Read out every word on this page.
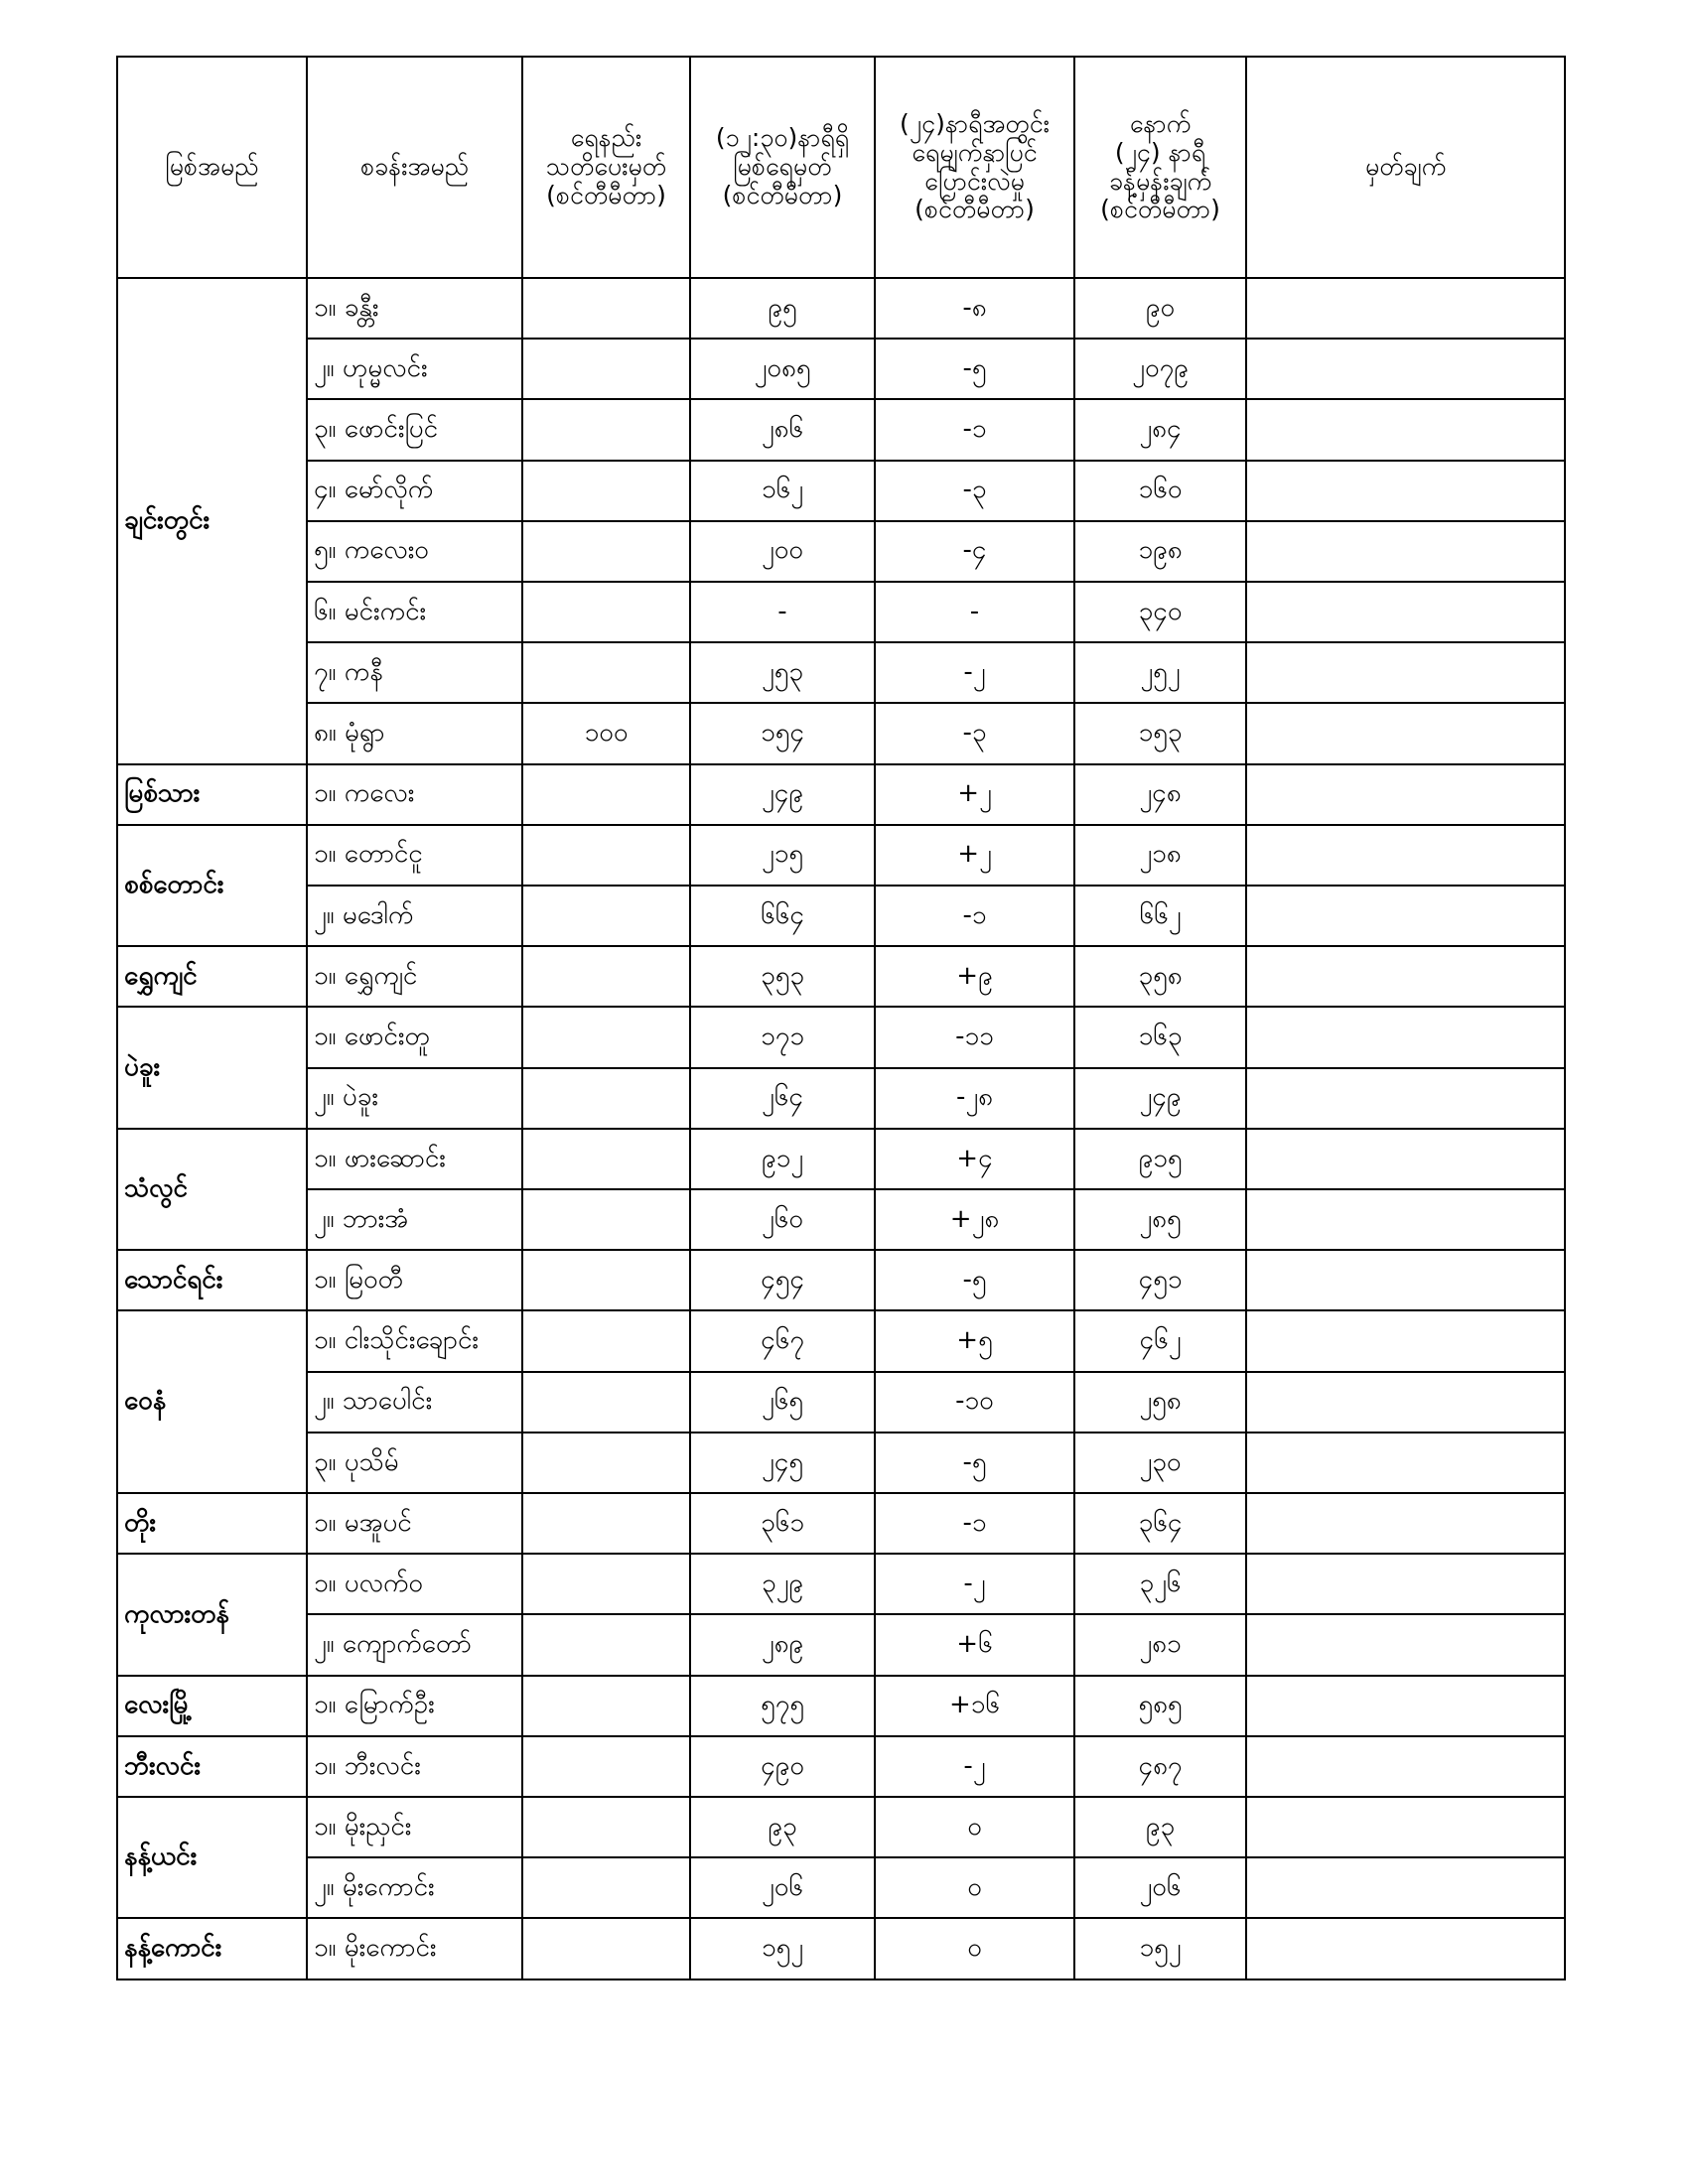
မြစ်အမည်	စခန်းအမည်	ရေနည်း
သတိပေးမှတ်
(စင်တီမီတာ)	(၁၂:၃၀)နာရီရှိ
မြစ်ရေမှတ်
(စင်တီမီတာ)	(၂၄)နာရီအတွင်း
ရေမျက်နှာပြင်
ပြောင်းလဲမှု
(စင်တီမီတာ)	နောက်
(၂၄) နာရီ
ခန့်မှန်းချက်
(စင်တီမီတာ)	မှတ်ချက်

ချင်းတွင်း	၁။ ခန္တီး		၉၅	-၈	၉၀	
	၂။ ဟုမ္မလင်း		၂၀၈၅	-၅	၂၀၇၉	
	၃။ ဖောင်းပြင်		၂၈၆	-၁	၂၈၄	
	၄။ မော်လိုက်		၁၆၂	-၃	၁၆၀	
	၅။ ကလေးဝ		၂၀၀	-၄	၁၉၈	
	၆။ မင်းကင်း		-	-	၃၄၀	
	၇။ ကနီ		၂၅၃	-၂	၂၅၂	
	၈။ မုံရွာ	၁၀၀	၁၅၄	-၃	၁၅၃	
မြစ်သား	၁။ ကလေး		၂၄၉	+၂	၂၄၈	
စစ်တောင်း	၁။ တောင်ငူ		၂၁၅	+၂	၂၁၈	
	၂။ မဒေါက်		၆၆၄	-၁	၆၆၂	
ရွှေကျင်	၁။ ရွှေကျင်		၃၅၃	+၉	၃၅၈	
ပဲခူး	၁။ ဖောင်းတူ		၁၇၁	-၁၁	၁၆၃	
	၂။ ပဲခူး		၂၆၄	-၂၈	၂၄၉	
သံလွင်	၁။ ဖားဆောင်း		၉၁၂	+၄	၉၁၅	
	၂။ ဘားအံ		၂၆၀	+၂၈	၂၈၅	
သောင်ရင်း	၁။ မြဝတီ		၄၅၄	-၅	၄၅၁	
ဝေနံ	၁။ ငါးသိုင်းချောင်း		၄၆၇	+၅	၄၆၂	
	၂။ သာပေါင်း		၂၆၅	-၁၀	၂၅၈	
	၃။ ပုသိမ်		၂၄၅	-၅	၂၃၀	
တိုး	၁။ မအူပင်		၃၆၁	-၁	၃၆၄	
ကုလားတန်	၁။ ပလက်ဝ		၃၂၉	-၂	၃၂၆	
	၂။ ကျောက်တော်		၂၈၉	+၆	၂၈၁	
လေးမြို့	၁။ မြောက်ဦး		၅၇၅	+၁၆	၅၈၅	
ဘီးလင်း	၁။ ဘီးလင်း		၄၉၀	-၂	၄၈၇	
နန့်ယင်း	၁။ မိုးညှင်း		၉၃	၀	၉၃	
	၂။ မိုးကောင်း		၂၀၆	၀	၂၀၆	
နန့်ကောင်း	၁။ မိုးကောင်း		၁၅၂	၀	၁၅၂	
